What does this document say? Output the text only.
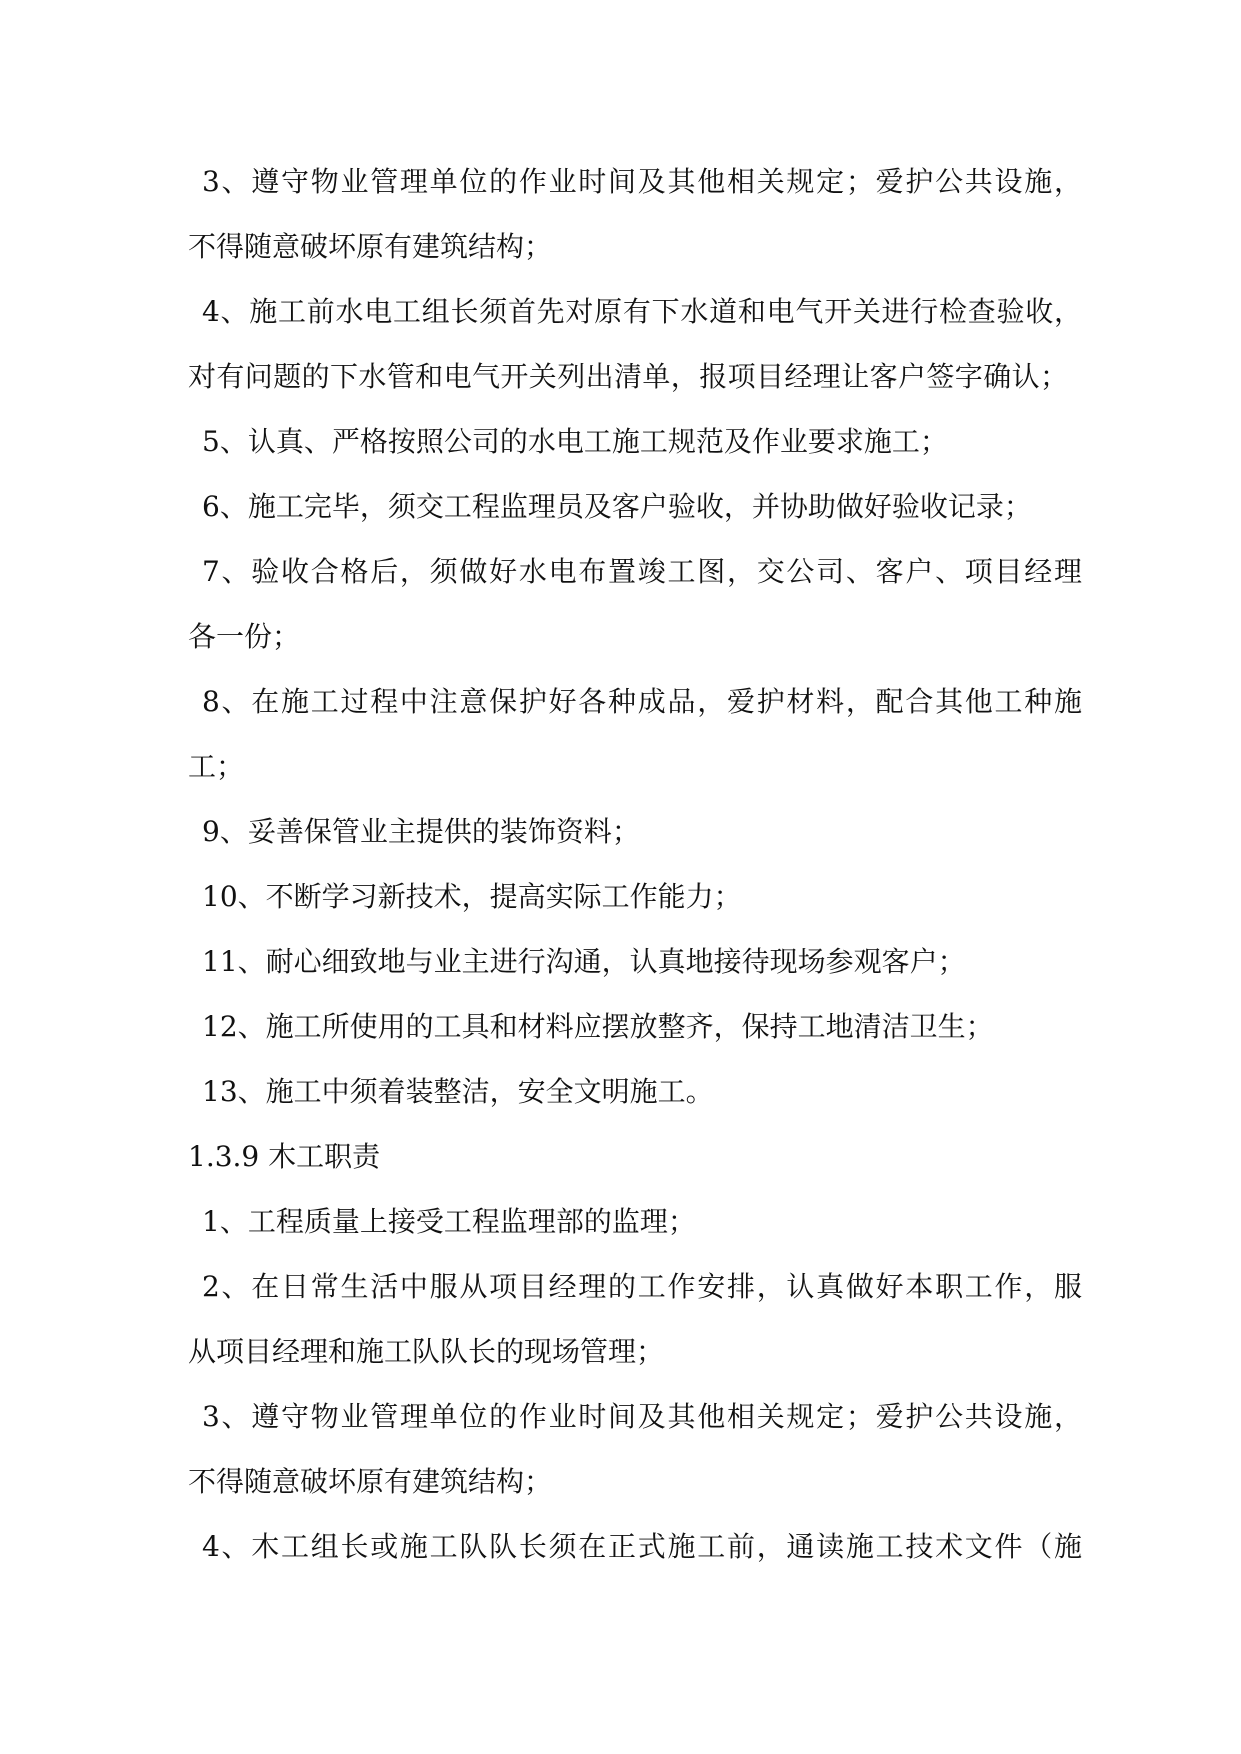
3、遵守物业管理单位的作业时间及其他相关规定；爱护公共设施，
不得随意破坏原有建筑结构；
4、施工前水电工组长须首先对原有下水道和电气开关进行检查验收，
对有问题的下水管和电气开关列出清单，报项目经理让客户签字确认；
5、认真、严格按照公司的水电工施工规范及作业要求施工；
6、施工完毕，须交工程监理员及客户验收，并协助做好验收记录；
7、验收合格后，须做好水电布置竣工图，交公司、客户、项目经理
各一份；
8、在施工过程中注意保护好各种成品，爱护材料，配合其他工种施
工；
9、妥善保管业主提供的装饰资料；
10、不断学习新技术，提高实际工作能力；
11、耐心细致地与业主进行沟通，认真地接待现场参观客户；
12、施工所使用的工具和材料应摆放整齐，保持工地清洁卫生；
13、施工中须着装整洁，安全文明施工。
1.3.9 木工职责
1、工程质量上接受工程监理部的监理；
2、在日常生活中服从项目经理的工作安排，认真做好本职工作，服
从项目经理和施工队队长的现场管理；
3、遵守物业管理单位的作业时间及其他相关规定；爱护公共设施，
不得随意破坏原有建筑结构；
4、木工组长或施工队队长须在正式施工前，通读施工技术文件（施
